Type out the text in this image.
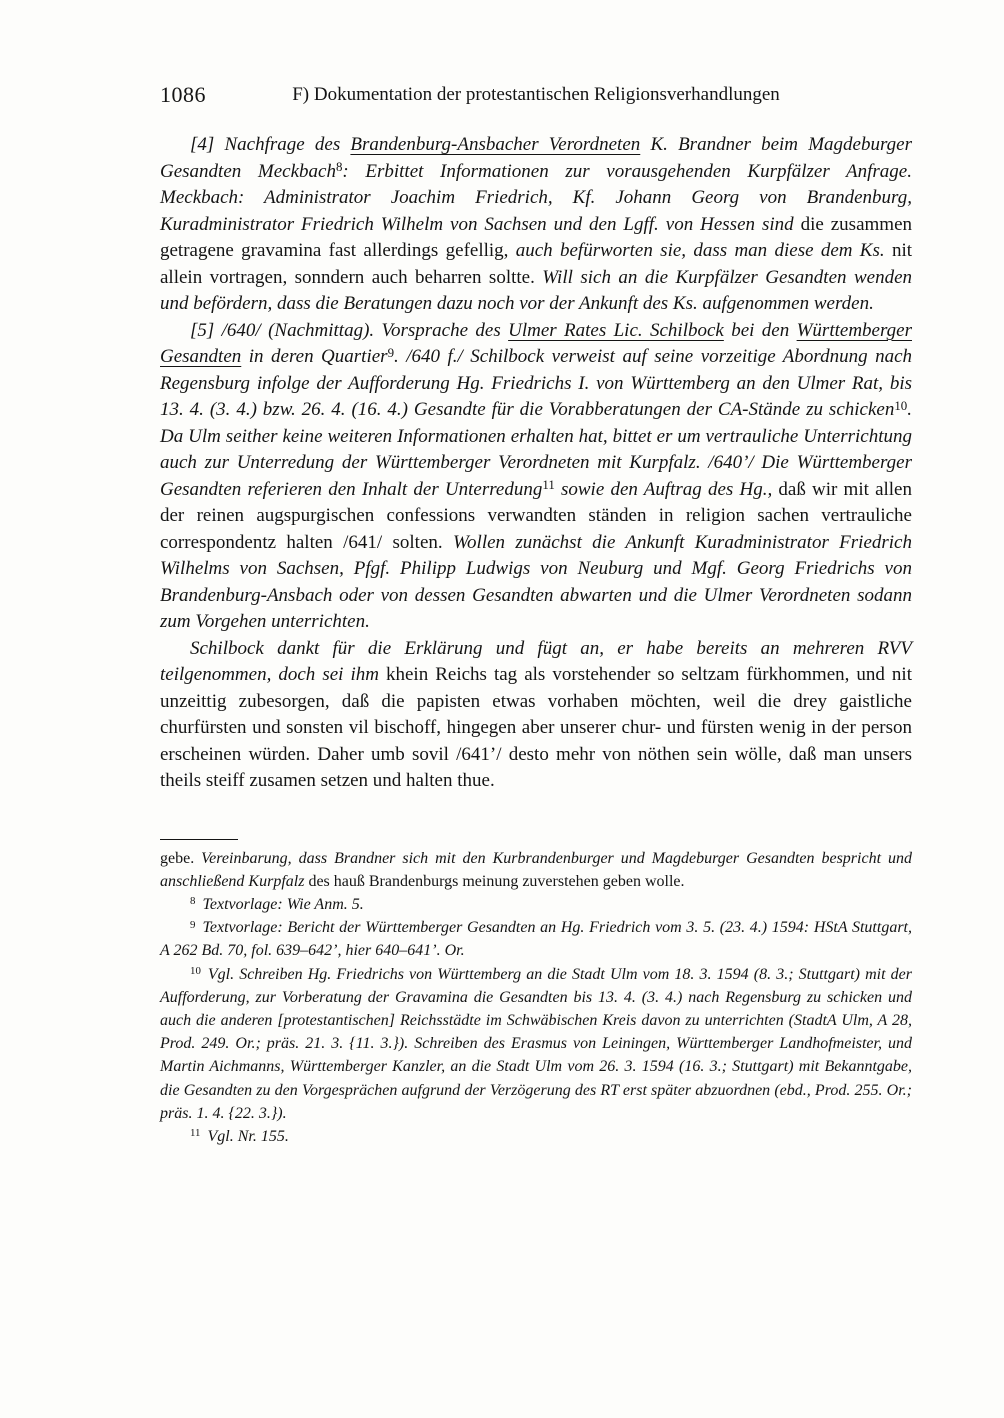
1086	F) Dokumentation der protestantischen Religionsverhandlungen

[4] Nachfrage des Brandenburg-Ansbacher Verordneten K. Brandner beim Magdeburger Gesandten Meckbach$^8$: Erbittet Informationen zur vorausgehenden Kurpfälzer Anfrage. Meckbach: Administrator Joachim Friedrich, Kf. Johann Georg von Brandenburg, Kuradministrator Friedrich Wilhelm von Sachsen und den Lgff. von Hessen sind die zusammen getragene gravamina fast allerdings gefellig, auch befürworten sie, dass man diese dem Ks. nit allein vortragen, sonndern auch beharren soltte. Will sich an die Kurpfälzer Gesandten wenden und befördern, dass die Beratungen dazu noch vor der Ankunft des Ks. aufgenommen werden.

[5] /640/ (Nachmittag). Vorsprache des Ulmer Rates Lic. Schilbock bei den Württemberger Gesandten in deren Quartier$^9$. /640 f./ Schilbock verweist auf seine vorzeitige Abordnung nach Regensburg infolge der Aufforderung Hg. Friedrichs I. von Württemberg an den Ulmer Rat, bis 13. 4. (3. 4.) bzw. 26. 4. (16. 4.) Gesandte für die Vorabberatungen der CA-Stände zu schicken$^{10}$. Da Ulm seither keine weiteren Informationen erhalten hat, bittet er um vertrauliche Unterrichtung auch zur Unterredung der Württemberger Verordneten mit Kurpfalz. /640’/ Die Württemberger Gesandten referieren den Inhalt der Unterredung$^{11}$ sowie den Auftrag des Hg., daß wir mit allen der reinen augspurgischen confessions verwandten ständen in religion sachen vertrauliche correspondentz halten /641/ solten. Wollen zunächst die Ankunft Kuradministrator Friedrich Wilhelms von Sachsen, Pfgf. Philipp Ludwigs von Neuburg und Mgf. Georg Friedrichs von Brandenburg-Ansbach oder von dessen Gesandten abwarten und die Ulmer Verordneten sodann zum Vorgehen unterrichten.

Schilbock dankt für die Erklärung und fügt an, er habe bereits an mehreren RVV teilgenommen, doch sei ihm khein Reichs tag als vorstehender so seltzam fürkhommen, und nit unzeittig zubesorgen, daß die papisten etwas vorhaben möchten, weil die drey gaistliche churfürsten und sonsten vil bischoff, hingegen aber unserer chur- und fürsten wenig in der person erscheinen würden. Daher umb sovil /641’/ desto mehr von nöthen sein wölle, daß man unsers theils steiff zusamen setzen und halten thue.

gebe. Vereinbarung, dass Brandner sich mit den Kurbrandenburger und Magdeburger Gesandten bespricht und anschließend Kurpfalz des hauß Brandenburgs meinung zuverstehen geben wolle.

$^8$ Textvorlage: Wie Anm. 5.

$^9$ Textvorlage: Bericht der Württemberger Gesandten an Hg. Friedrich vom 3. 5. (23. 4.) 1594: HStA Stuttgart, A 262 Bd. 70, fol. 639–642’, hier 640–641’. Or.

$^{10}$ Vgl. Schreiben Hg. Friedrichs von Württemberg an die Stadt Ulm vom 18. 3. 1594 (8. 3.; Stuttgart) mit der Aufforderung, zur Vorberatung der Gravamina die Gesandten bis 13. 4. (3. 4.) nach Regensburg zu schicken und auch die anderen [protestantischen] Reichsstädte im Schwäbischen Kreis davon zu unterrichten (StadtA Ulm, A 28, Prod. 249. Or.; präs. 21. 3. {11. 3.}). Schreiben des Erasmus von Leiningen, Württemberger Landhofmeister, und Martin Aichmanns, Württemberger Kanzler, an die Stadt Ulm vom 26. 3. 1594 (16. 3.; Stuttgart) mit Bekanntgabe, die Gesandten zu den Vorgesprächen aufgrund der Verzögerung des RT erst später abzuordnen (ebd., Prod. 255. Or.; präs. 1. 4. {22. 3.}).

$^{11}$ Vgl. Nr. 155.
